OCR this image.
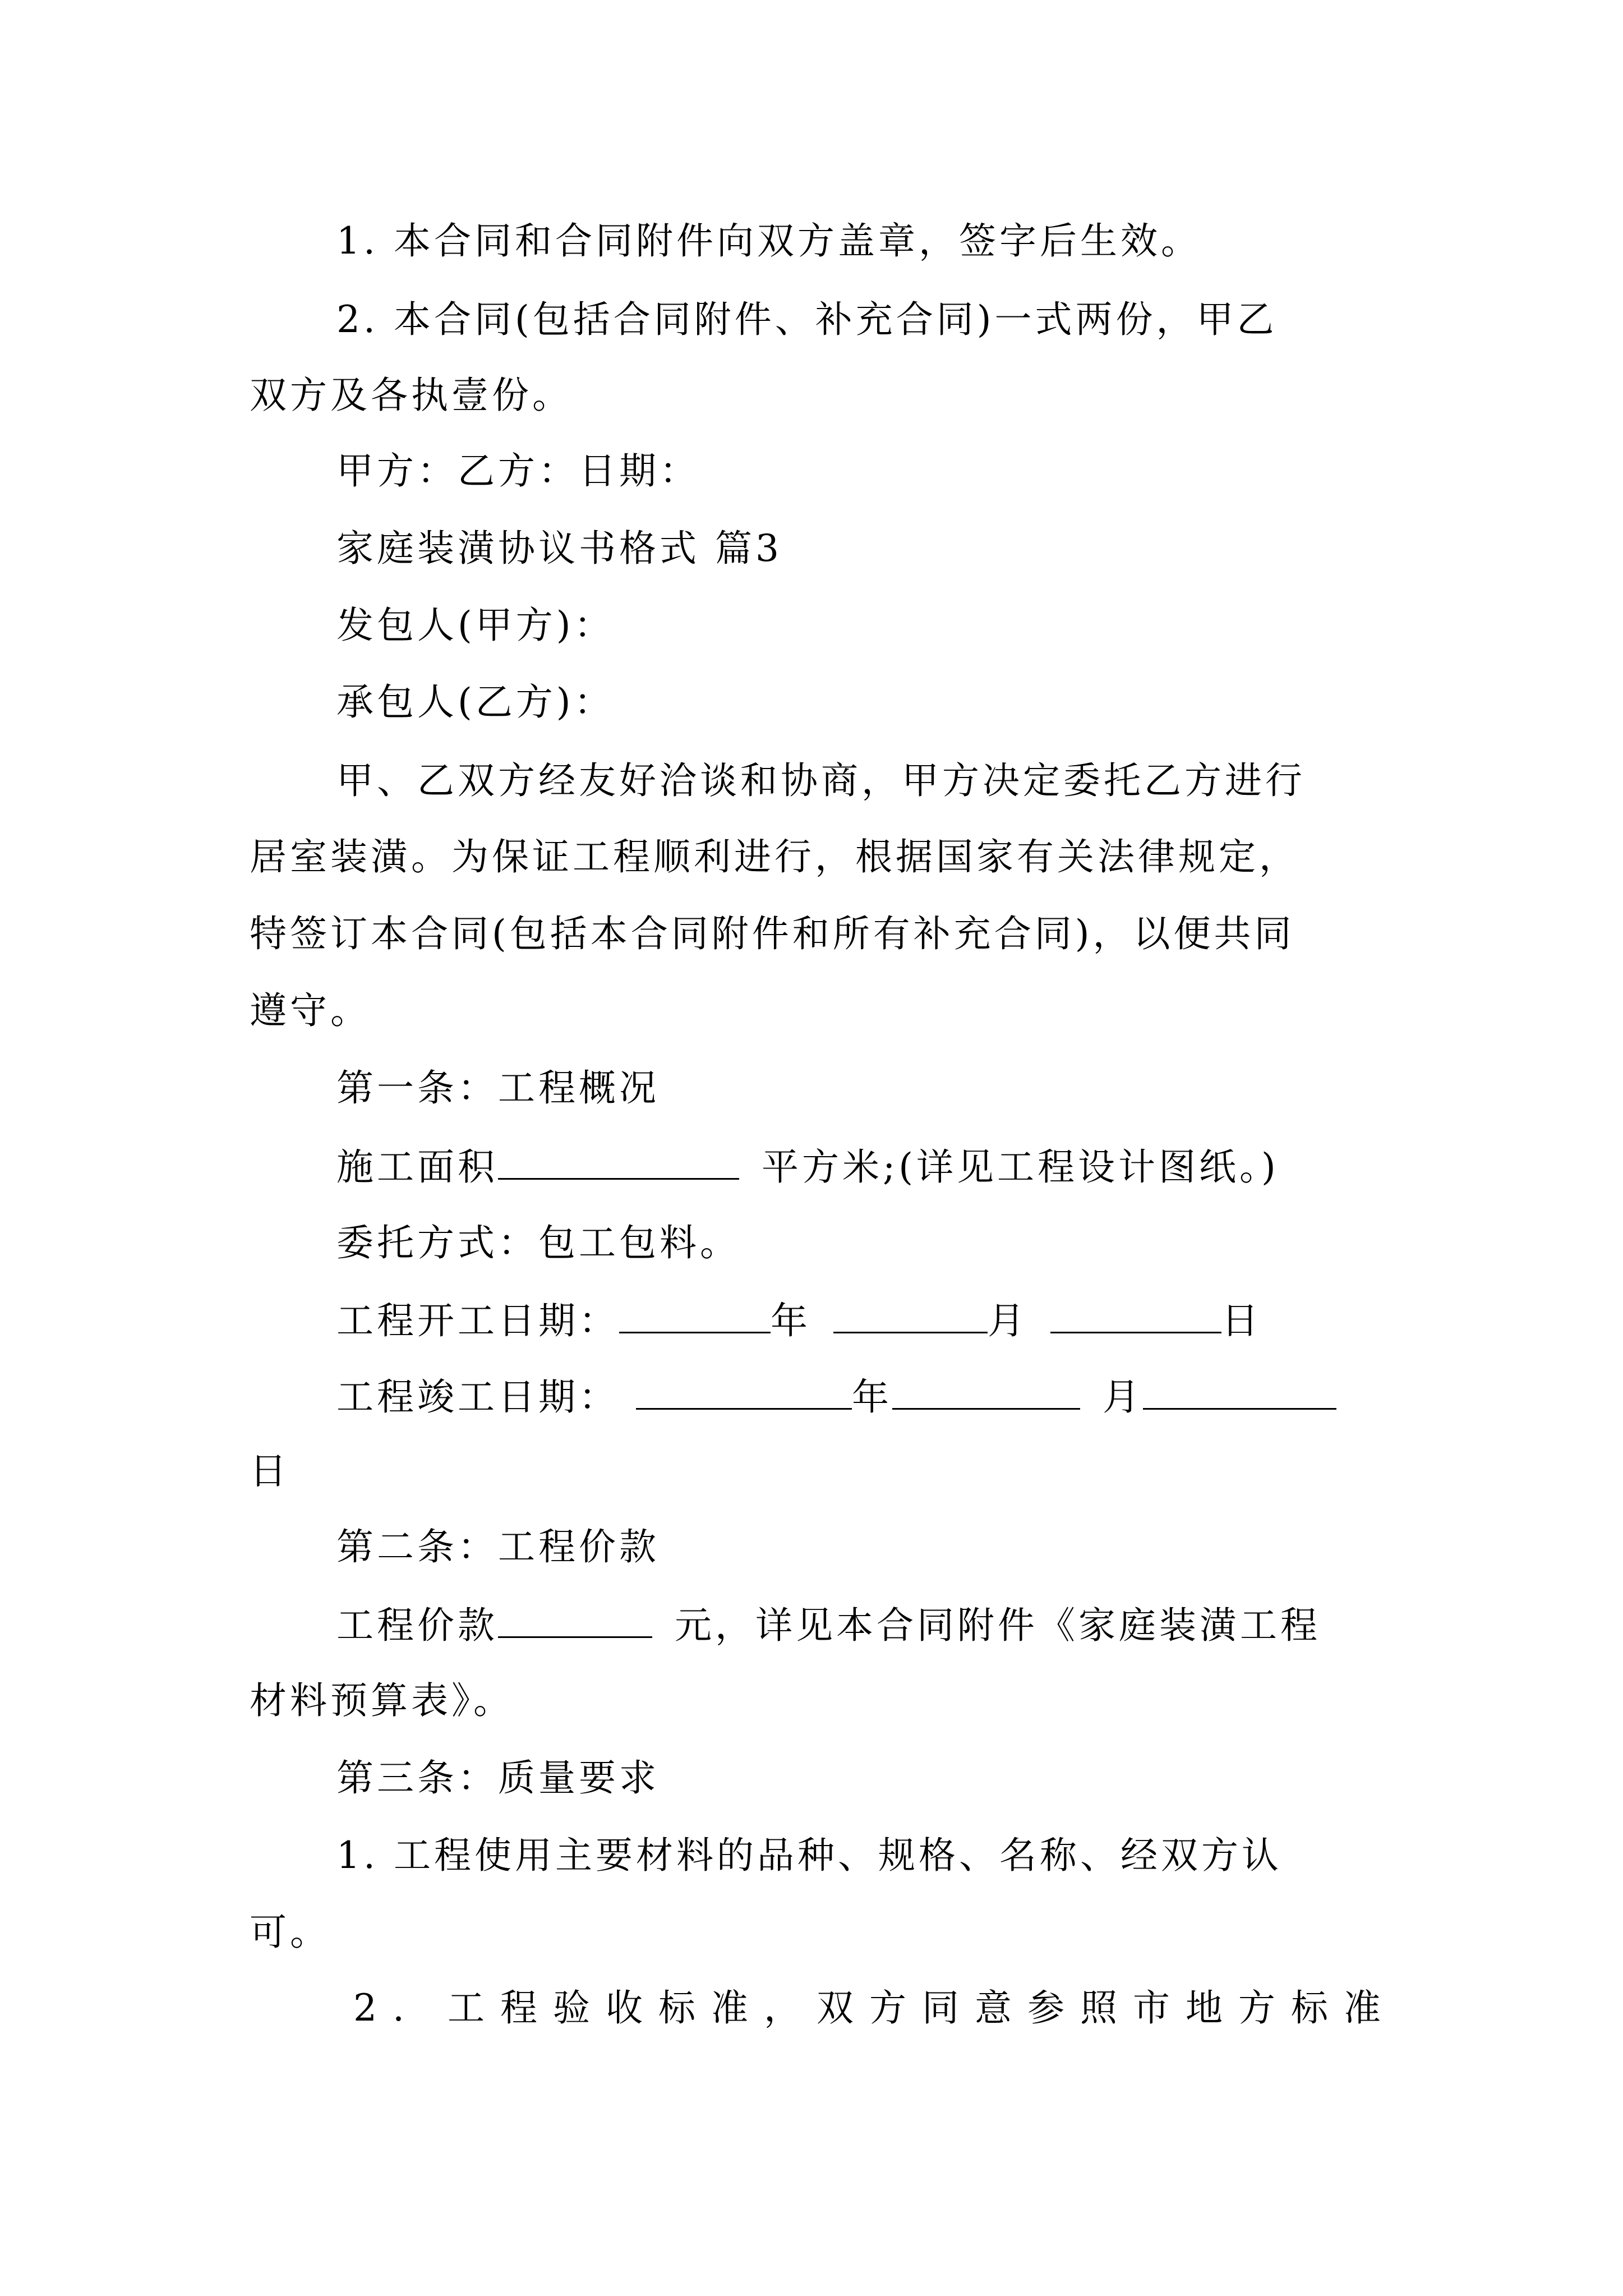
1. 本合同和合同附件向双方盖章，签字后生效。
2. 本合同(包括合同附件、补充合同)一式两份，甲乙
双方及各执壹份。
甲方：乙方：日期：
家庭装潢协议书格式 篇3
发包人(甲方)：
承包人(乙方)：
甲、乙双方经友好洽谈和协商，甲方决定委托乙方进行
居室装潢。为保证工程顺利进行，根据国家有关法律规定，
特签订本合同(包括本合同附件和所有补充合同)，以便共同
遵守。
第一条：工程概况
施工面积	平方米;(详见工程设计图纸。)
委托方式：包工包料。
工程开工日期：	年	月	日
工程竣工日期：	年	月
日
第二条：工程价款
工程价款	元，详见本合同附件《家庭装潢工程
材料预算表》。
第三条：质量要求
1. 工程使用主要材料的品种、规格、名称、经双方认
可。
2. 工程验收标准，双方同意参照市地方标准
